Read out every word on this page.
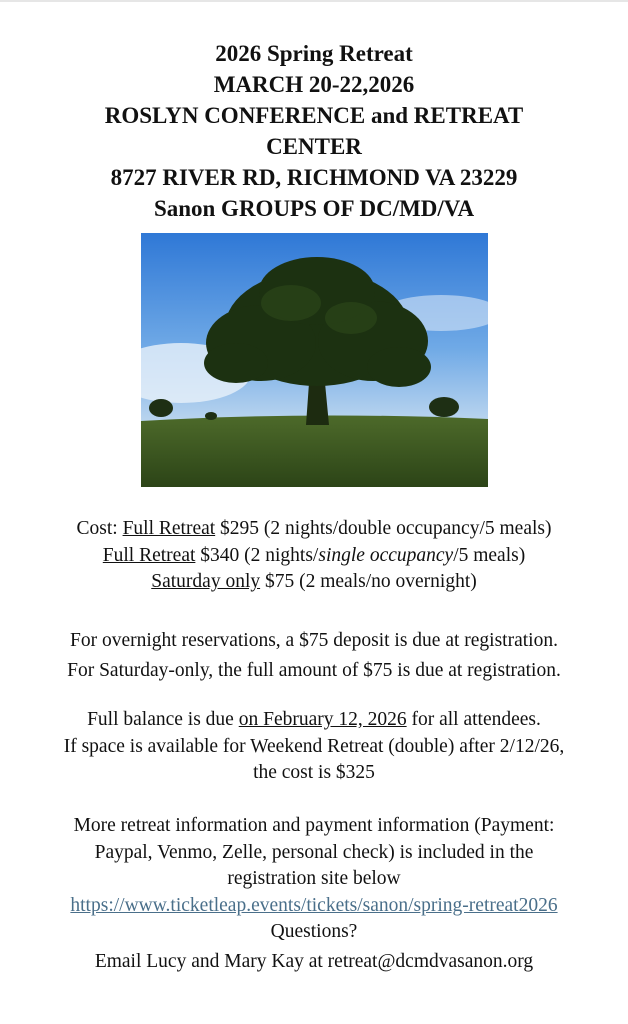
2026 Spring Retreat
MARCH 20-22,2026
ROSLYN CONFERENCE and RETREAT
CENTER
8727 RIVER RD, RICHMOND VA 23229
Sanon GROUPS OF DC/MD/VA
Cost: Full Retreat $295 (2 nights/double occupancy/5 meals)
Full Retreat $340 (2 nights/single occupancy/5 meals)
Saturday only $75 (2 meals/no overnight)
For overnight reservations, a $75 deposit is due at registration.
For Saturday-only, the full amount of $75 is due at registration.
Full balance is due on February 12, 2026 for all attendees.
If space is available for Weekend Retreat (double) after 2/12/26,
the cost is $325
More retreat information and payment information (Payment:
Paypal, Venmo, Zelle, personal check) is included in the
registration site below
https://www.ticketleap.events/tickets/sanon/spring-retreat2026
Questions?
Email Lucy and Mary Kay at retreat@dcmdvasanon.org
